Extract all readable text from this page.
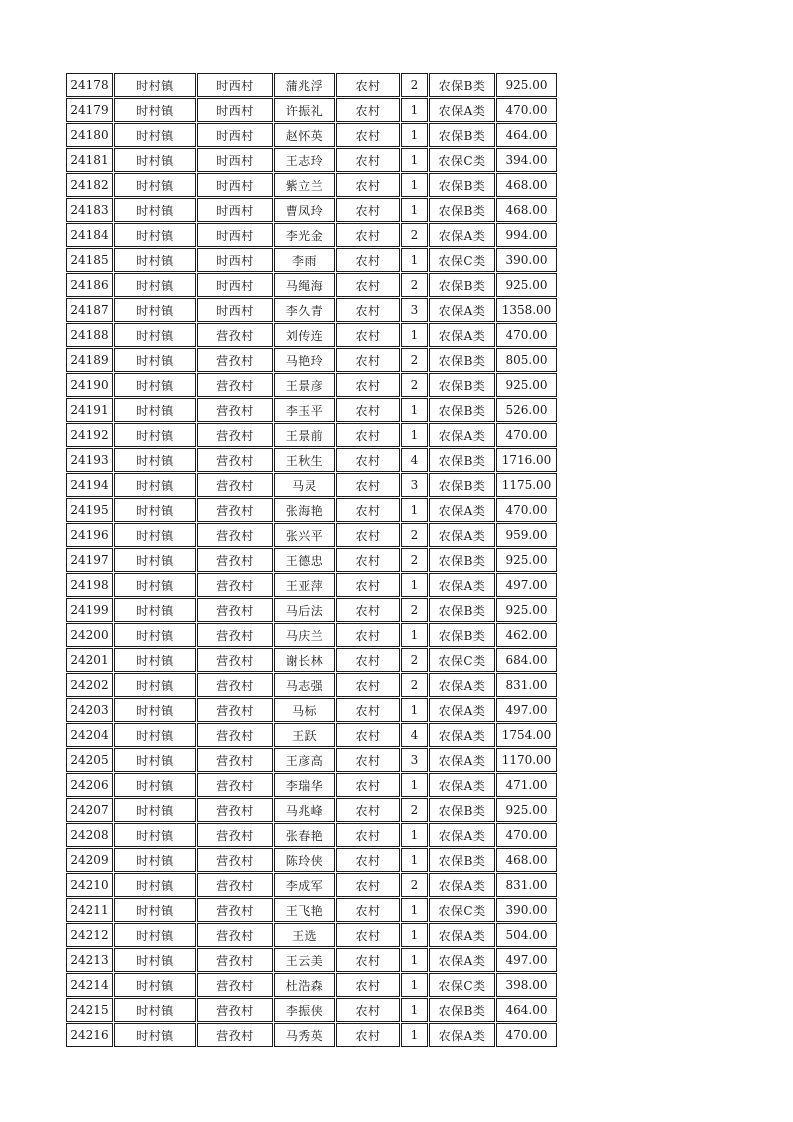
24178	时村镇	时西村	蒲兆浮	农村	2	农保B类	925.00
24179	时村镇	时西村	许振礼	农村	1	农保A类	470.00
24180	时村镇	时西村	赵怀英	农村	1	农保B类	464.00
24181	时村镇	时西村	王志玲	农村	1	农保C类	394.00
24182	时村镇	时西村	紫立兰	农村	1	农保B类	468.00
24183	时村镇	时西村	曹凤玲	农村	1	农保B类	468.00
24184	时村镇	时西村	李光金	农村	2	农保A类	994.00
24185	时村镇	时西村	李雨	农村	1	农保C类	390.00
24186	时村镇	时西村	马绳海	农村	2	农保B类	925.00
24187	时村镇	时西村	李久青	农村	3	农保A类	1358.00
24188	时村镇	营孜村	刘传连	农村	1	农保A类	470.00
24189	时村镇	营孜村	马艳玲	农村	2	农保B类	805.00
24190	时村镇	营孜村	王景彦	农村	2	农保B类	925.00
24191	时村镇	营孜村	李玉平	农村	1	农保B类	526.00
24192	时村镇	营孜村	王景前	农村	1	农保A类	470.00
24193	时村镇	营孜村	王秋生	农村	4	农保B类	1716.00
24194	时村镇	营孜村	马灵	农村	3	农保B类	1175.00
24195	时村镇	营孜村	张海艳	农村	1	农保A类	470.00
24196	时村镇	营孜村	张兴平	农村	2	农保A类	959.00
24197	时村镇	营孜村	王德忠	农村	2	农保B类	925.00
24198	时村镇	营孜村	王亚萍	农村	1	农保A类	497.00
24199	时村镇	营孜村	马后法	农村	2	农保B类	925.00
24200	时村镇	营孜村	马庆兰	农村	1	农保B类	462.00
24201	时村镇	营孜村	谢长林	农村	2	农保C类	684.00
24202	时村镇	营孜村	马志强	农村	2	农保A类	831.00
24203	时村镇	营孜村	马标	农村	1	农保A类	497.00
24204	时村镇	营孜村	王跃	农村	4	农保A类	1754.00
24205	时村镇	营孜村	王彦高	农村	3	农保A类	1170.00
24206	时村镇	营孜村	李瑞华	农村	1	农保A类	471.00
24207	时村镇	营孜村	马兆峰	农村	2	农保B类	925.00
24208	时村镇	营孜村	张春艳	农村	1	农保A类	470.00
24209	时村镇	营孜村	陈玲侠	农村	1	农保B类	468.00
24210	时村镇	营孜村	李成军	农村	2	农保A类	831.00
24211	时村镇	营孜村	王飞艳	农村	1	农保C类	390.00
24212	时村镇	营孜村	王选	农村	1	农保A类	504.00
24213	时村镇	营孜村	王云美	农村	1	农保A类	497.00
24214	时村镇	营孜村	杜浩森	农村	1	农保C类	398.00
24215	时村镇	营孜村	李振侠	农村	1	农保B类	464.00
24216	时村镇	营孜村	马秀英	农村	1	农保A类	470.00
